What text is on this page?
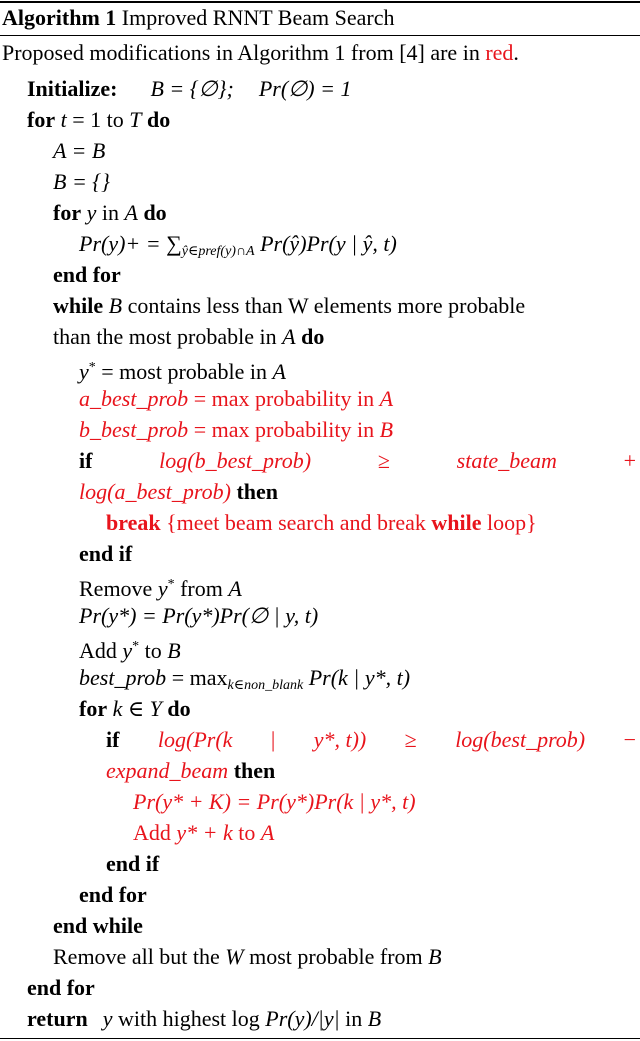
Algorithm 1 Improved RNNT Beam Search
Proposed modifications in Algorithm 1 from [4] are in red.
Initialize: B = {∅}; Pr(∅) = 1
for t = 1 to T do
A = B
B = {}
for y in A do
$Pr(y)+ = \sum_{ŷ\in pref(y)\cap A}$ Pr(ŷ)Pr(y | ŷ, t)
end for
while B contains less than W elements more probable
than the most probable in A do
y* = most probable in A
a_best_prob = max probability in A
b_best_prob = max probability in B
if	log(b_best_prob)	≥	state_beam	+
log(a_best_prob) then
break {meet beam search and break while loop}
end if
Remove y* from A
Pr(y*) = Pr(y*)Pr(∅ | y, t)
Add y* to B
best_prob = $\max_{k\in non\_blank} Pr(k$ | y*, t)
for k ∈ Y do
if log(Pr(k | y*, t)) ≥ log(best_prob) −
expand_beam then
Pr(y* + K) = Pr(y*)Pr(k | y*, t)
Add y* + k to A
end if
end for
end while
Remove all but the W most probable from B
end for
return y with highest log Pr(y)/|y| in B
